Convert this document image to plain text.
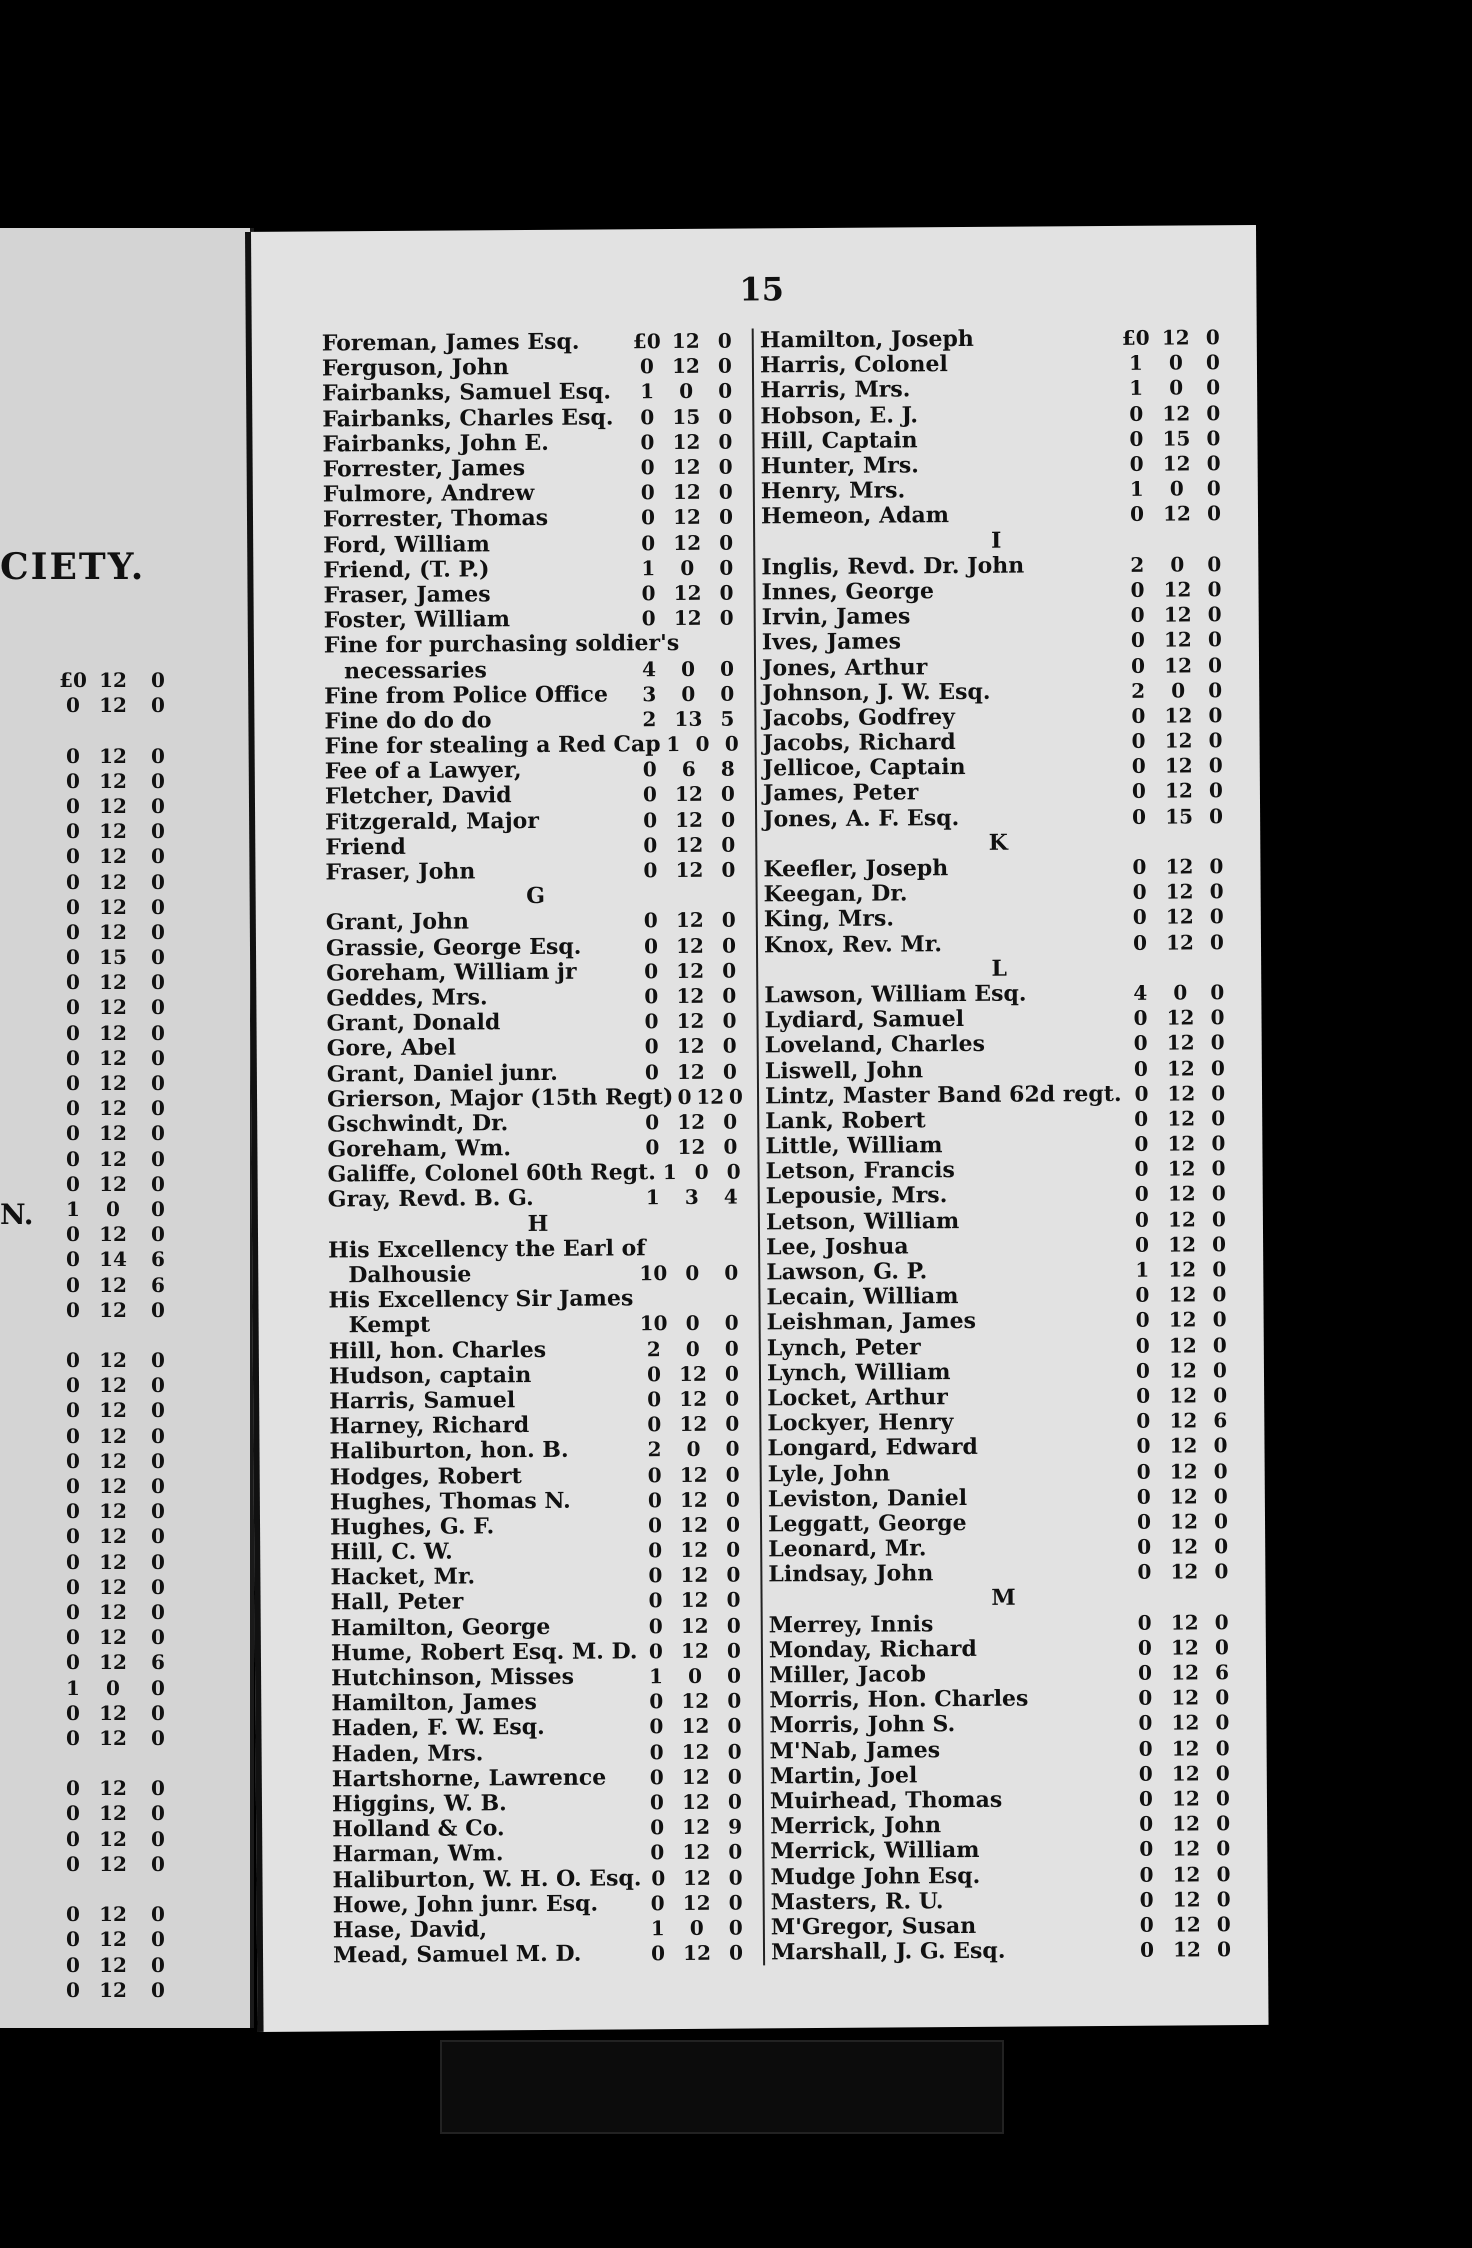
CIETY.
N.
£0 12	0
0 12	0
0 12	0
0 12	0
0 12	0
0 12	0
0 12	0
0 12	0
0 12	0
0 12	0
0 15	0
0 12	0
0 12	0
0 12	0
0 12	0
0 12	0
0 12	0
0 12	0
0 12	0
0 12	0
1	0	0
0 12	0
0 14	6
0 12	6
0 12	0
0 12	0
0 12	0
0 12	0
0 12	0
0 12	0
0 12	0
0 12	0
0 12	0
0 12	0
0 12	0
0 12	0
0 12	0
0 12	6
1	0	0
0 12	0
0 12	0
0 12	0
0 12	0
0 12	0
0 12	0
0 12	0
0 12	0
0 12	0
0 12	0
15
Foreman, James Esq.	£0 12 0
Ferguson, John	0 12 0
Fairbanks, Samuel Esq.	1	0	0
Fairbanks, Charles Esq.	0 15 0
Fairbanks, John E.	0 12 0
Forrester, James	0 12 0
Fulmore, Andrew	0 12 0
Forrester, Thomas	0 12 0
Ford, William	0 12 0
Friend, (T. P.)	1	0	0
Fraser, James	0 12 0
Foster, William	0 12 0
Fine for purchasing soldier's
necessaries	4	0	0
Fine from Police Office	3	0	0
Fine do do do	2 13 5
Fine for stealing a Red Cap 1 0 0
Fee of a Lawyer,	0	6	8
Fletcher, David	0 12 0
Fitzgerald, Major	0 12 0
Friend	0 12 0
Fraser, John	0 12 0
G
Grant, John	0 12 0
Grassie, George Esq.	0 12 0
Goreham, William jr	0 12 0
Geddes, Mrs.	0 12 0
Grant, Donald	0 12 0
Gore, Abel	0 12 0
Grant, Daniel junr.	0 12 0
Grierson, Major (15th Regt) 0 12 0
Gschwindt, Dr.	0 12 0
Goreham, Wm.	0 12 0
Galiffe, Colonel 60th Regt. 1 0 0
Gray, Revd. B. G.	1	3	4
H
His Excellency the Earl of
Dalhousie	10 0	0
His Excellency Sir James
Kempt	10 0	0
Hill, hon. Charles	2	0	0
Hudson, captain	0 12 0
Harris, Samuel	0 12 0
Harney, Richard	0 12 0
Haliburton, hon. B.	2	0	0
Hodges, Robert	0 12 0
Hughes, Thomas N.	0 12 0
Hughes, G. F.	0 12 0
Hill, C. W.	0 12 0
Hacket, Mr.	0 12 0
Hall, Peter	0 12 0
Hamilton, George	0 12 0
Hume, Robert Esq. M. D. 0 12 0
Hutchinson, Misses	1	0	0
Hamilton, James	0 12 0
Haden, F. W. Esq.	0 12 0
Haden, Mrs.	0 12 0
Hartshorne, Lawrence	0 12 0
Higgins, W. B.	0 12 0
Holland & Co.	0 12 9
Harman, Wm.	0 12 0
Haliburton, W. H. O. Esq. 0 12 0
Howe, John junr. Esq.	0 12 0
Hase, David,	1	0	0
Mead, Samuel M. D.	0 12 0
Hamilton, Joseph	£0 12 0
Harris, Colonel	1	0	0
Harris, Mrs.	1	0	0
Hobson, E. J.	0 12 0
Hill, Captain	0 15 0
Hunter, Mrs.	0 12 0
Henry, Mrs.	1	0	0
Hemeon, Adam	0 12 0
I
Inglis, Revd. Dr. John	2	0	0
Innes, George	0 12 0
Irvin, James	0 12 0
Ives, James	0 12 0
Jones, Arthur	0 12 0
Johnson, J. W. Esq.	2	0	0
Jacobs, Godfrey	0 12 0
Jacobs, Richard	0 12 0
Jellicoe, Captain	0 12 0
James, Peter	0 12 0
Jones, A. F. Esq.	0 15 0
K
Keefler, Joseph	0 12 0
Keegan, Dr.	0 12 0
King, Mrs.	0 12 0
Knox, Rev. Mr.	0 12 0
L
Lawson, William Esq.	4	0	0
Lydiard, Samuel	0 12 0
Loveland, Charles	0 12 0
Liswell, John	0 12 0
Lintz, Master Band 62d regt. 0 12 0
Lank, Robert	0 12 0
Little, William	0 12 0
Letson, Francis	0 12 0
Lepousie, Mrs.	0 12 0
Letson, William	0 12 0
Lee, Joshua	0 12 0
Lawson, G. P.	1 12 0
Lecain, William	0 12 0
Leishman, James	0 12 0
Lynch, Peter	0 12 0
Lynch, William	0 12 0
Locket, Arthur	0 12 0
Lockyer, Henry	0 12 6
Longard, Edward	0 12 0
Lyle, John	0 12 0
Leviston, Daniel	0 12 0
Leggatt, George	0 12 0
Leonard, Mr.	0 12 0
Lindsay, John	0 12 0
M
Merrey, Innis	0 12 0
Monday, Richard	0 12 0
Miller, Jacob	0 12 6
Morris, Hon. Charles	0 12 0
Morris, John S.	0 12 0
M'Nab, James	0 12 0
Martin, Joel	0 12 0
Muirhead, Thomas	0 12 0
Merrick, John	0 12 0
Merrick, William	0 12 0
Mudge John Esq.	0 12 0
Masters, R. U.	0 12 0
M'Gregor, Susan	0 12 0
Marshall, J. G. Esq.	0 12 0
